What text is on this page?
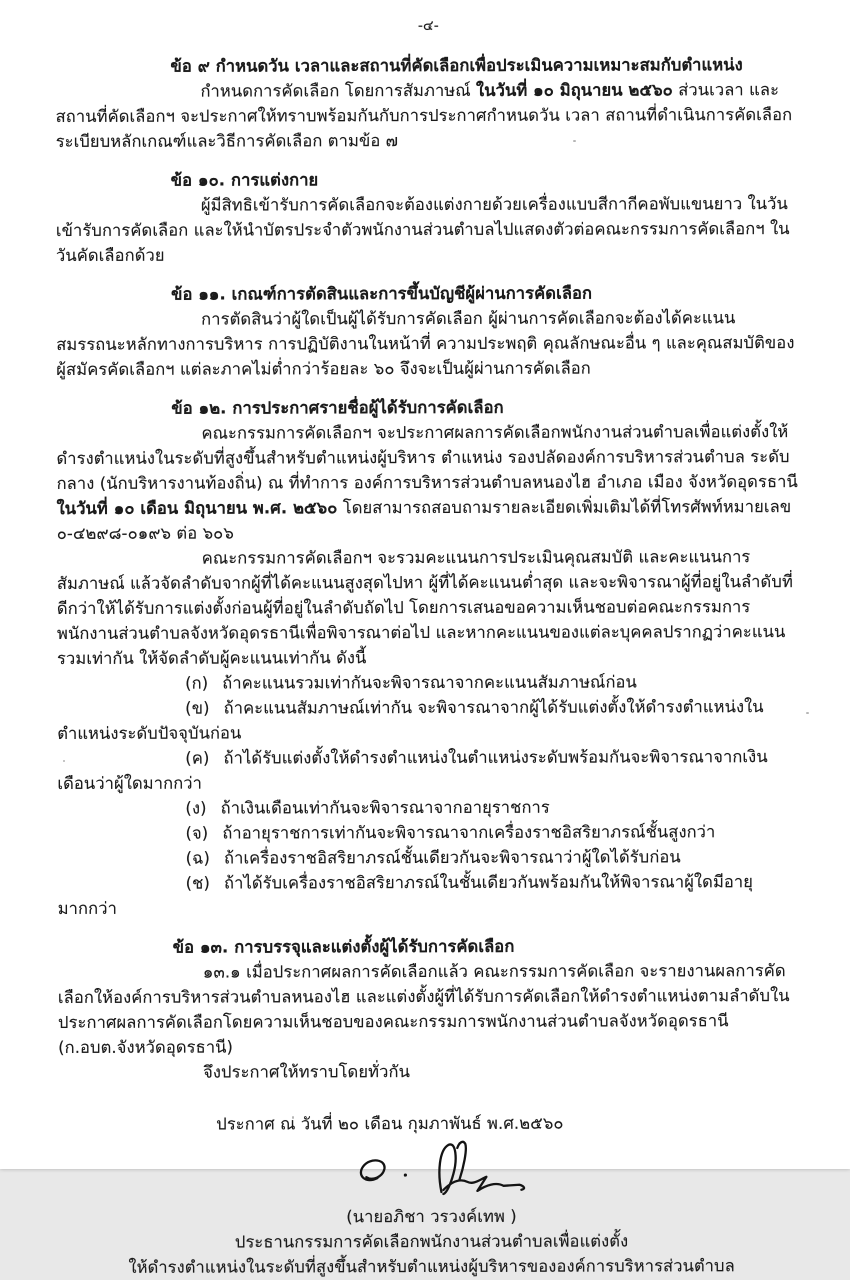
-๔-

ข้อ ๙ กำหนดวัน เวลาและสถานที่คัดเลือกเพื่อประเมินความเหมาะสมกับตำแหน่ง

กำหนดการคัดเลือก โดยการสัมภาษณ์ ในวันที่ ๑๐ มิถุนายน ๒๕๖๐ ส่วนเวลา และสถานที่คัดเลือกฯ จะประกาศให้ทราบพร้อมกันกับการประกาศกำหนดวัน เวลา สถานที่ดำเนินการคัดเลือก ระเบียบหลักเกณฑ์และวิธีการคัดเลือก ตามข้อ ๗

ข้อ ๑๐. การแต่งกาย

ผู้มีสิทธิเข้ารับการคัดเลือกจะต้องแต่งกายด้วยเครื่องแบบสีกากีคอพับแขนยาว ในวันเข้ารับการคัดเลือก และให้นำบัตรประจำตัวพนักงานส่วนตำบลไปแสดงตัวต่อคณะกรรมการคัดเลือกฯ ในวันคัดเลือกด้วย

ข้อ ๑๑. เกณฑ์การตัดสินและการขึ้นบัญชีผู้ผ่านการคัดเลือก

การตัดสินว่าผู้ใดเป็นผู้ได้รับการคัดเลือก ผู้ผ่านการคัดเลือกจะต้องได้คะแนนสมรรถนะหลักทางการบริหาร การปฏิบัติงานในหน้าที่ ความประพฤติ คุณลักษณะอื่น ๆ และคุณสมบัติของผู้สมัครคัดเลือกฯ แต่ละภาคไม่ต่ำกว่าร้อยละ ๖๐ จึงจะเป็นผู้ผ่านการคัดเลือก

ข้อ ๑๒. การประกาศรายชื่อผู้ได้รับการคัดเลือก

คณะกรรมการคัดเลือกฯ จะประกาศผลการคัดเลือกพนักงานส่วนตำบลเพื่อแต่งตั้งให้ดำรงตำแหน่งในระดับที่สูงขึ้นสำหรับตำแหน่งผู้บริหาร ตำแหน่ง รองปลัดองค์การบริหารส่วนตำบล ระดับกลาง (นักบริหารงานท้องถิ่น) ณ ที่ทำการ องค์การบริหารส่วนตำบลหนองไฮ อำเภอ เมือง จังหวัดอุดรธานี ในวันที่ ๑๐ เดือน มิถุนายน พ.ศ. ๒๕๖๐ โดยสามารถสอบถามรายละเอียดเพิ่มเติมได้ที่โทรศัพท์หมายเลข ๐-๔๒๙๘-๐๑๙๖ ต่อ ๖๐๖

คณะกรรมการคัดเลือกฯ จะรวมคะแนนการประเมินคุณสมบัติ และคะแนนการสัมภาษณ์ แล้วจัดลำดับจากผู้ที่ได้คะแนนสูงสุดไปหา ผู้ที่ได้คะแนนต่ำสุด และจะพิจารณาผู้ที่อยู่ในลำดับที่ดีกว่าให้ได้รับการแต่งตั้งก่อนผู้ที่อยู่ในลำดับถัดไป โดยการเสนอขอความเห็นชอบต่อคณะกรรมการพนักงานส่วนตำบลจังหวัดอุดรธานีเพื่อพิจารณาต่อไป และหากคะแนนของแต่ละบุคคลปรากฏว่าคะแนนรวมเท่ากัน ให้จัดลำดับผู้คะแนนเท่ากัน ดังนี้

(ก) ถ้าคะแนนรวมเท่ากันจะพิจารณาจากคะแนนสัมภาษณ์ก่อน

(ข) ถ้าคะแนนสัมภาษณ์เท่ากัน จะพิจารณาจากผู้ได้รับแต่งตั้งให้ดำรงตำแหน่งในตำแหน่งระดับปัจจุบันก่อน

(ค) ถ้าได้รับแต่งตั้งให้ดำรงตำแหน่งในตำแหน่งระดับพร้อมกันจะพิจารณาจากเงินเดือนว่าผู้ใดมากกว่า

(ง) ถ้าเงินเดือนเท่ากันจะพิจารณาจากอายุราชการ

(จ) ถ้าอายุราชการเท่ากันจะพิจารณาจากเครื่องราชอิสริยาภรณ์ชั้นสูงกว่า

(ฉ) ถ้าเครื่องราชอิสริยาภรณ์ชั้นเดียวกันจะพิจารณาว่าผู้ใดได้รับก่อน

(ช) ถ้าได้รับเครื่องราชอิสริยาภรณ์ในชั้นเดียวกันพร้อมกันให้พิจารณาผู้ใดมีอายุมากกว่า

ข้อ ๑๓. การบรรจุและแต่งตั้งผู้ได้รับการคัดเลือก

๑๓.๑ เมื่อประกาศผลการคัดเลือกแล้ว คณะกรรมการคัดเลือก จะรายงานผลการคัดเลือกให้องค์การบริหารส่วนตำบลหนองไฮ และแต่งตั้งผู้ที่ได้รับการคัดเลือกให้ดำรงตำแหน่งตามลำดับในประกาศผลการคัดเลือกโดยความเห็นชอบของคณะกรรมการพนักงานส่วนตำบลจังหวัดอุดรธานี (ก.อบต.จังหวัดอุดรธานี)

จึงประกาศให้ทราบโดยทั่วกัน

ประกาศ ณ วันที่ ๒๐ เดือน กุมภาพันธ์ พ.ศ.๒๕๖๐

(นายอภิชา วรวงค์เทพ )

ประธานกรรมการคัดเลือกพนักงานส่วนตำบลเพื่อแต่งตั้ง

ให้ดำรงตำแหน่งในระดับที่สูงขึ้นสำหรับตำแหน่งผู้บริหารขององค์การบริหารส่วนตำบล
